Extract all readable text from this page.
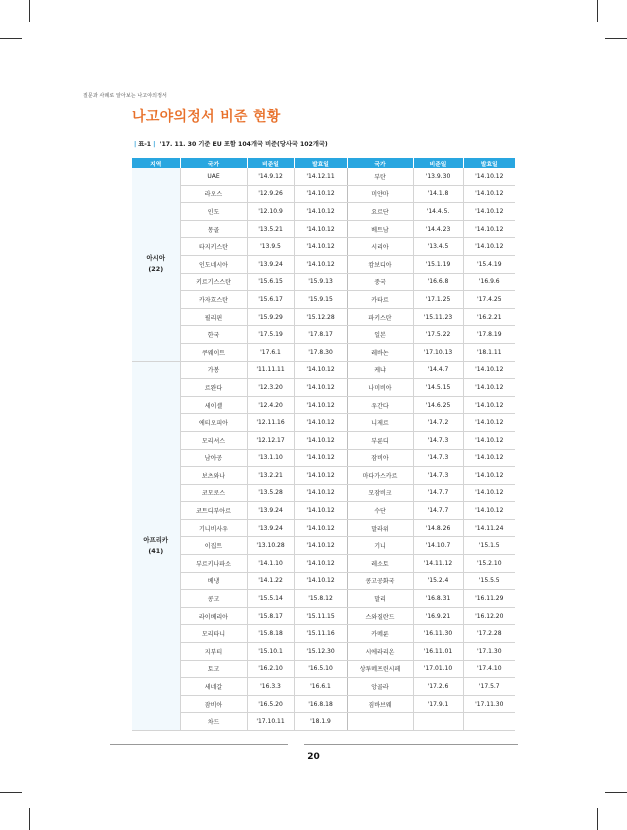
질문과 사례로 알아보는 나고야의정서
나고야의정서 비준 현황
| 표-1 | '17. 11. 30 기준 EU 포함 104개국 비준(당사국 102개국)
지역	국가	비준일	발효일	국가	비준일	발효일
아시아
(22)	UAE	'14.9.12	'14.12.11	부탄	'13.9.30	'14.10.12
	라오스	'12.9.26	'14.10.12	미얀마	'14.1.8	'14.10.12
	인도	'12.10.9	'14.10.12	요르단	'14.4.5.	'14.10.12
	몽골	'13.5.21	'14.10.12	베트남	'14.4.23	'14.10.12
	타지키스탄	'13.9.5	'14.10.12	시리아	'13.4.5	'14.10.12
	인도네시아	'13.9.24	'14.10.12	캄보디아	'15.1.19	'15.4.19
	키르기스스탄	'15.6.15	'15.9.13	중국	'16.6.8	'16.9.6
	카자흐스탄	'15.6.17	'15.9.15	카타르	'17.1.25	'17.4.25
	필리핀	'15.9.29	'15.12.28	파키스탄	'15.11.23	'16.2.21
	한국	'17.5.19	'17.8.17	일본	'17.5.22	'17.8.19
	쿠웨이트	'17.6.1	'17.8.30	레바논	'17.10.13	'18.1.11
아프리카
(41)	가봉	'11.11.11	'14.10.12	케냐	'14.4.7	'14.10.12
	르완다	'12.3.20	'14.10.12	나미비아	'14.5.15	'14.10.12
	세이셸	'12.4.20	'14.10.12	우간다	'14.6.25	'14.10.12
	에티오피아	'12.11.16	'14.10.12	니제르	'14.7.2	'14.10.12
	모리셔스	'12.12.17	'14.10.12	부룬디	'14.7.3	'14.10.12
	남아공	'13.1.10	'14.10.12	잠비아	'14.7.3	'14.10.12
	보츠와나	'13.2.21	'14.10.12	마다가스카르	'14.7.3	'14.10.12
	코모로스	'13.5.28	'14.10.12	모잠비크	'14.7.7	'14.10.12
	코트디부아르	'13.9.24	'14.10.12	수단	'14.7.7	'14.10.12
	기니비사우	'13.9.24	'14.10.12	말라위	'14.8.26	'14.11.24
	이집트	'13.10.28	'14.10.12	기니	'14.10.7	'15.1.5
	부르키나파소	'14.1.10	'14.10.12	레소토	'14.11.12	'15.2.10
	베냉	'14.1.22	'14.10.12	콩고공화국	'15.2.4	'15.5.5
	콩고	'15.5.14	'15.8.12	말리	'16.8.31	'16.11.29
	라이베리아	'15.8.17	'15.11.15	스와질란드	'16.9.21	'16.12.20
	모리타니	'15.8.18	'15.11.16	카메룬	'16.11.30	'17.2.28
	지부티	'15.10.1	'15.12.30	시에라리온	'16.11.01	'17.1.30
	토고	'16.2.10	'16.5.10	상투메프린시페	'17.01.10	'17.4.10
	세네갈	'16.3.3	'16.6.1	앙골라	'17.2.6	'17.5.7
	잠비아	'16.5.20	'16.8.18	짐바브웨	'17.9.1	'17.11.30
	차드	'17.10.11	'18.1.9			
20
